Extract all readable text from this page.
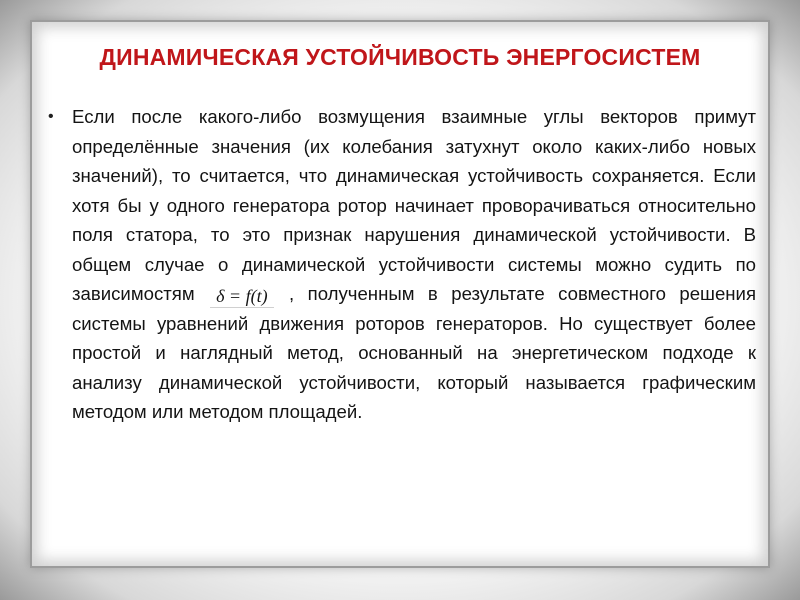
ДИНАМИЧЕСКАЯ УСТОЙЧИВОСТЬ ЭНЕРГОСИСТЕМ
• Если после какого-либо возмущения взаимные углы векторов примут определённые значения (их колебания затухнут около каких-либо новых значений), то считается, что динамическая устойчивость сохраняется. Если хотя бы у одного генератора ротор начинает проворачиваться относительно поля статора, то это признак нарушения динамической устойчивости. В общем случае о динамической устойчивости системы можно судить по зависимостям δ = f(t) , полученным в результате совместного решения системы уравнений движения роторов генераторов. Но существует более простой и наглядный метод, основанный на энергетическом подходе к анализу динамической устойчивости, который называется графическим методом или методом площадей.
